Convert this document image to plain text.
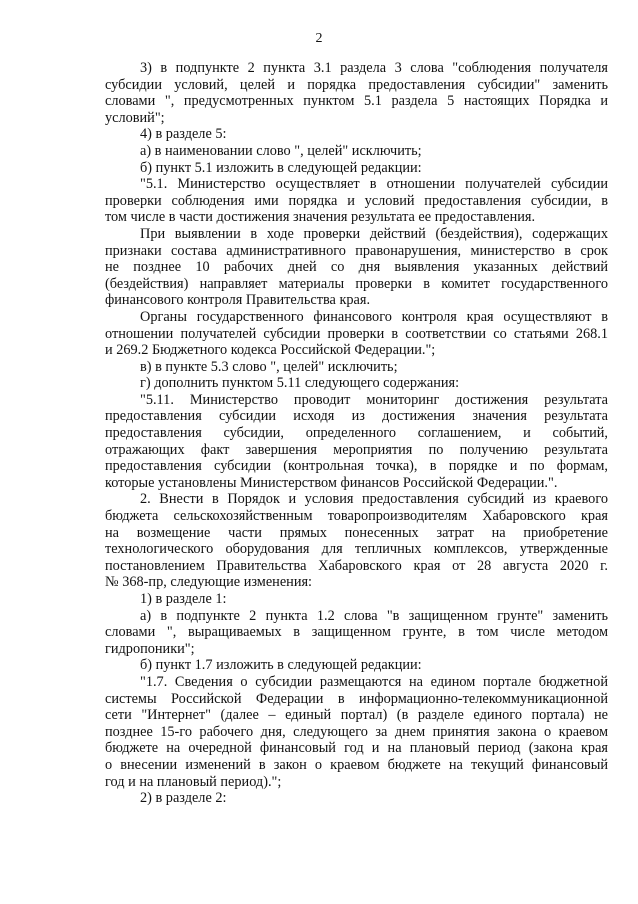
2

3) в подпункте 2 пункта 3.1 раздела 3 слова "соблюдения получателя

субсидии условий, целей и порядка предоставления субсидии" заменить

словами ", предусмотренных пунктом 5.1 раздела 5 настоящих Порядка и

условий";

4) в разделе 5:

а) в наименовании слово ", целей" исключить;

б) пункт 5.1 изложить в следующей редакции:

"5.1. Министерство осуществляет в отношении получателей субсидии

проверки соблюдения ими порядка и условий предоставления субсидии, в

том числе в части достижения значения результата ее предоставления.

При выявлении в ходе проверки действий (бездействия), содержащих

признаки состава административного правонарушения, министерство в срок

не позднее 10 рабочих дней со дня выявления указанных действий

(бездействия) направляет материалы проверки в комитет государственного

финансового контроля Правительства края.

Органы государственного финансового контроля края осуществляют в

отношении получателей субсидии проверки в соответствии со статьями 268.1

и 269.2 Бюджетного кодекса Российской Федерации.";

в) в пункте 5.3 слово ", целей" исключить;

г) дополнить пунктом 5.11 следующего содержания:

"5.11. Министерство проводит мониторинг достижения результата

предоставления субсидии исходя из достижения значения результата

предоставления субсидии, определенного соглашением, и событий,

отражающих факт завершения мероприятия по получению результата

предоставления субсидии (контрольная точка), в порядке и по формам,

которые установлены Министерством финансов Российской Федерации.".

2. Внести в Порядок и условия предоставления субсидий из краевого

бюджета сельскохозяйственным товаропроизводителям Хабаровского края

на возмещение части прямых понесенных затрат на приобретение

технологического оборудования для тепличных комплексов, утвержденные

постановлением Правительства Хабаровского края от 28 августа 2020 г.

№ 368-пр, следующие изменения:

1) в разделе 1:

а) в подпункте 2 пункта 1.2 слова "в защищенном грунте" заменить

словами ", выращиваемых в защищенном грунте, в том числе методом

гидропоники";

б) пункт 1.7 изложить в следующей редакции:

"1.7. Сведения о субсидии размещаются на едином портале бюджетной

системы Российской Федерации в информационно-телекоммуникационной

сети "Интернет" (далее – единый портал) (в разделе единого портала) не

позднее 15-го рабочего дня, следующего за днем принятия закона о краевом

бюджете на очередной финансовый год и на плановый период (закона края

о внесении изменений в закон о краевом бюджете на текущий финансовый

год и на плановый период).";

2) в разделе 2:
